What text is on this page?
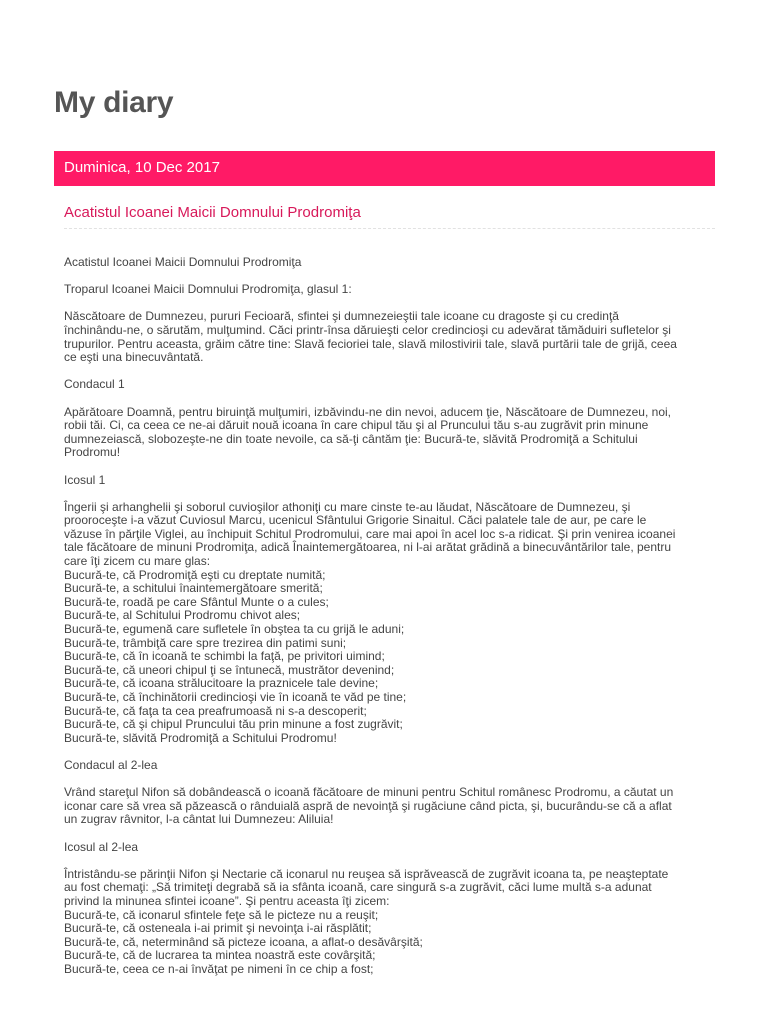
My diary
Duminica, 10 Dec 2017
Acatistul Icoanei Maicii Domnului Prodromiţa

Acatistul Icoanei Maicii Domnului Prodromiţa

Troparul Icoanei Maicii Domnului Prodromiţa, glasul 1:

Născătoare de Dumnezeu, pururi Fecioară, sfintei şi dumnezeieştii tale icoane cu dragoste şi cu credinţă
închinându-ne, o sărutăm, mulţumind. Căci printr-însa dăruieşti celor credincioşi cu adevărat tămăduiri sufletelor şi
trupurilor. Pentru aceasta, grăim către tine: Slavă fecioriei tale, slavă milostivirii tale, slavă purtării tale de grijă, ceea
ce eşti una binecuvântată.

Condacul 1

Apărătoare Doamnă, pentru biruinţă mulţumiri, izbăvindu-ne din nevoi, aducem ţie, Născătoare de Dumnezeu, noi,
robii tăi. Ci, ca ceea ce ne-ai dăruit nouă icoana în care chipul tău şi al Pruncului tău s-au zugrăvit prin minune
dumnezeiască, slobozeşte-ne din toate nevoile, ca să-ţi cântăm ţie: Bucură-te, slăvită Prodromiţă a Schitului
Prodromu!

Icosul 1

Îngerii şi arhanghelii şi soborul cuvioşilor athoniţi cu mare cinste te-au lăudat, Născătoare de Dumnezeu, şi
prooroceşte i-a văzut Cuviosul Marcu, ucenicul Sfântului Grigorie Sinaitul. Căci palatele tale de aur, pe care le
văzuse în părţile Viglei, au închipuit Schitul Prodromului, care mai apoi în acel loc s-a ridicat. Şi prin venirea icoanei
tale făcătoare de minuni Prodromiţa, adică Înaintemergătoarea, ni l-ai arătat grădină a binecuvântărilor tale, pentru
care îţi zicem cu mare glas:
Bucură-te, că Prodromiţă eşti cu dreptate numită;
Bucură-te, a schitului înaintemergătoare smerită;
Bucură-te, roadă pe care Sfântul Munte o a cules;
Bucură-te, al Schitului Prodromu chivot ales;
Bucură-te, egumenă care sufletele în obştea ta cu grijă le aduni;
Bucură-te, trâmbiţă care spre trezirea din patimi suni;
Bucură-te, că în icoană te schimbi la faţă, pe privitori uimind;
Bucură-te, că uneori chipul ţi se întunecă, mustrător devenind;
Bucură-te, că icoana strălucitoare la praznicele tale devine;
Bucură-te, că închinătorii credincioşi vie în icoană te văd pe tine;
Bucură-te, că faţa ta cea preafrumoasă ni s-a descoperit;
Bucură-te, că şi chipul Pruncului tău prin minune a fost zugrăvit;
Bucură-te, slăvită Prodromiţă a Schitului Prodromu!

Condacul al 2-lea

Vrând stareţul Nifon să dobândească o icoană făcătoare de minuni pentru Schitul românesc Prodromu, a căutat un
iconar care să vrea să păzească o rânduială aspră de nevoinţă şi rugăciune când picta, şi, bucurându-se că a aflat
un zugrav râvnitor, l-a cântat lui Dumnezeu: Aliluia!

Icosul al 2-lea

Întristându-se părinţii Nifon şi Nectarie că iconarul nu reuşea să isprăvească de zugrăvit icoana ta, pe neaşteptate
au fost chemaţi: „Să trimiteţi degrabă să ia sfânta icoană, care singură s-a zugrăvit, căci lume multă s-a adunat
privind la minunea sfintei icoane”. Şi pentru aceasta îţi zicem:
Bucură-te, că iconarul sfintele feţe să le picteze nu a reuşit;
Bucură-te, că osteneala i-ai primit şi nevoinţa i-ai răsplătit;
Bucură-te, că, neterminând să picteze icoana, a aflat-o desăvârşită;
Bucură-te, că de lucrarea ta mintea noastră este covârşită;
Bucură-te, ceea ce n-ai învăţat pe nimeni în ce chip a fost;
